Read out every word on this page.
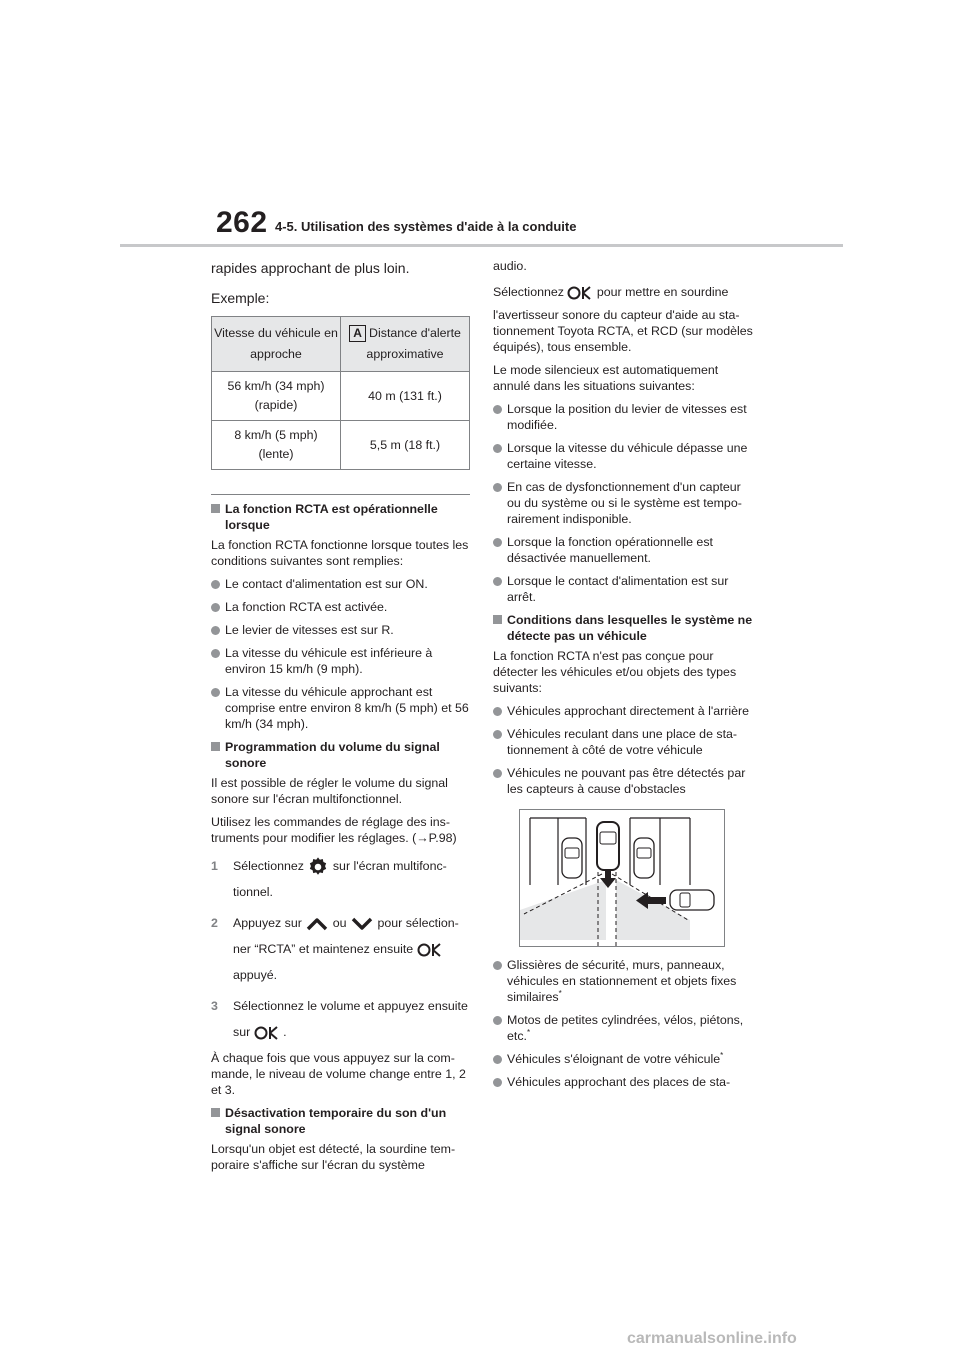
262 4-5. Utilisation des systèmes d'aide à la conduite

rapides approchant de plus loin.

Exemple:

Vitesse du véhicule en approche	A Distance d'alerte approximative
56 km/h (34 mph)
(rapide)	40 m (131 ft.)
8 km/h (5 mph)
(lente)	5,5 m (18 ft.)
La fonction RCTA est opérationnelle lorsque

La fonction RCTA fonctionne lorsque toutes les conditions suivantes sont remplies:

Le contact d'alimentation est sur ON.
La fonction RCTA est activée.
Le levier de vitesses est sur R.
La vitesse du véhicule est inférieure à environ 15 km/h (9 mph).
La vitesse du véhicule approchant est comprise entre environ 8 km/h (5 mph) et 56 km/h (34 mph).
Programmation du volume du signal sonore

Il est possible de régler le volume du signal sonore sur l'écran multifonctionnel.

Utilisez les commandes de réglage des ins-truments pour modifier les réglages. (→P.98)

1 Sélectionnez sur l'écran multifonc-tionnel.
2 Appuyez sur ou pour sélection-ner “RCTA” et maintenez ensuite  appuyé.
3 Sélectionnez le volume et appuyez ensuite sur	.

À chaque fois que vous appuyez sur la com-mande, le niveau de volume change entre 1, 2 et 3.

Désactivation temporaire du son d'un signal sonore

Lorsqu'un objet est détecté, la sourdine tem-poraire s'affiche sur l'écran du système

audio.

Sélectionnez	pour mettre en sourdine

l'avertisseur sonore du capteur d'aide au sta-tionnement Toyota RCTA, et RCD (sur modèles équipés), tous ensemble.

Le mode silencieux est automatiquement annulé dans les situations suivantes:

Lorsque la position du levier de vitesses est modifiée.
Lorsque la vitesse du véhicule dépasse une certaine vitesse.
En cas de dysfonctionnement d'un capteur ou du système ou si le système est tempo-rairement indisponible.
Lorsque la fonction opérationnelle est désactivée manuellement.
Lorsque le contact d'alimentation est sur arrêt.
Conditions dans lesquelles le système ne détecte pas un véhicule

La fonction RCTA n'est pas conçue pour détecter les véhicules et/ou objets des types suivants:

Véhicules approchant directement à l'arrière
Véhicules reculant dans une place de sta-tionnement à côté de votre véhicule
Véhicules ne pouvant pas être détectés par les capteurs à cause d'obstacles
Glissières de sécurité, murs, panneaux, véhicules en stationnement et objets fixes similaires*
Motos de petites cylindrées, vélos, piétons, etc.*
Véhicules s'éloignant de votre véhicule*
Véhicules approchant des places de sta-
carmanualsonline.info
